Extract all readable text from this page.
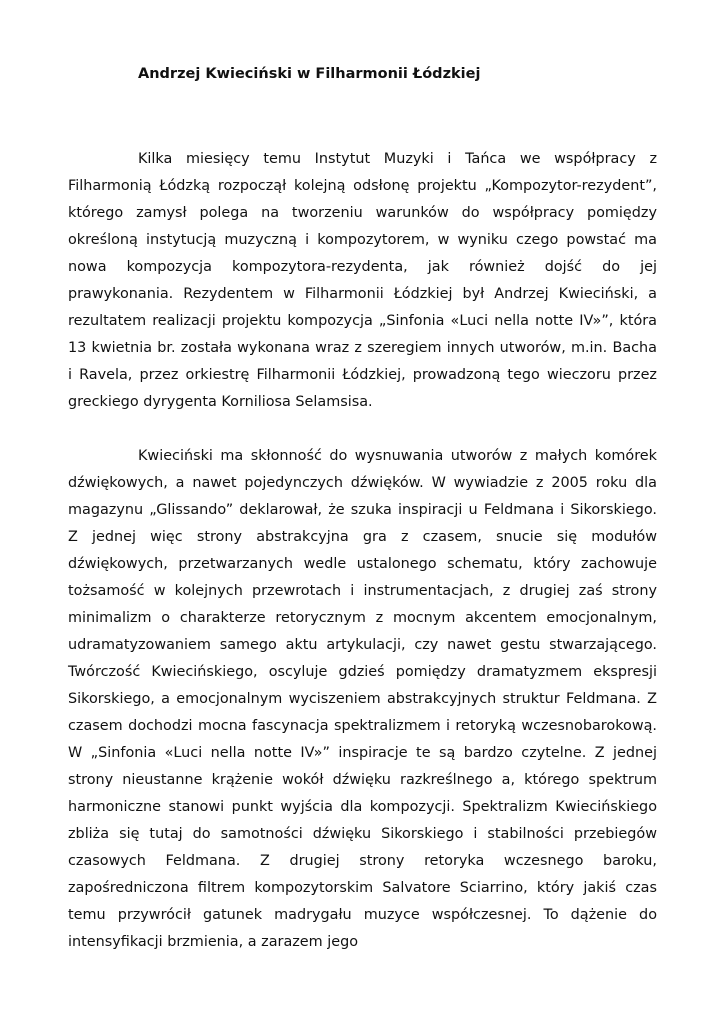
Andrzej Kwieciński w Filharmonii Łódzkiej

Kilka miesięcy temu Instytut Muzyki i Tańca we współpracy z Filharmonią Łódzką rozpoczął kolejną odsłonę projektu „Kompozytor-rezydent”, którego zamysł polega na tworzeniu warunków do współpracy pomiędzy określoną instytucją muzyczną i kompozytorem, w wyniku czego powstać ma nowa kompozycja kompozytora-rezydenta, jak również dojść do jej prawykonania. Rezydentem w Filharmonii Łódzkiej był Andrzej Kwieciński, a rezultatem realizacji projektu kompozycja „Sinfonia «Luci nella notte IV»”, która 13 kwietnia br. została wykonana wraz z szeregiem innych utworów, m.in. Bacha i Ravela, przez orkiestrę Filharmonii Łódzkiej, prowadzoną tego wieczoru przez greckiego dyrygenta Korniliosa Selamsisa.

Kwieciński ma skłonność do wysnuwania utworów z małych komórek dźwiękowych, a nawet pojedynczych dźwięków. W wywiadzie z 2005 roku dla magazynu „Glissando” deklarował, że szuka inspiracji u Feldmana i Sikorskiego. Z jednej więc strony abstrakcyjna gra z czasem, snucie się modułów dźwiękowych, przetwarzanych wedle ustalonego schematu, który zachowuje tożsamość w kolejnych przewrotach i instrumentacjach, z drugiej zaś strony minimalizm o charakterze retorycznym z mocnym akcentem emocjonalnym, udramatyzowaniem samego aktu artykulacji, czy nawet gestu stwarzającego. Twórczość Kwiecińskiego, oscyluje gdzieś pomiędzy dramatyzmem ekspresji Sikorskiego, a emocjonalnym wyciszeniem abstrakcyjnych struktur Feldmana. Z czasem dochodzi mocna fascynacja spektralizmem i retoryką wczesnobarokową. W „Sinfonia «Luci nella notte IV»” inspiracje te są bardzo czytelne. Z jednej strony nieustanne krążenie wokół dźwięku razkreślnego a, którego spektrum harmoniczne stanowi punkt wyjścia dla kompozycji. Spektralizm Kwiecińskiego zbliża się tutaj do samotności dźwięku Sikorskiego i stabilności przebiegów czasowych Feldmana. Z drugiej strony retoryka wczesnego baroku, zapośredniczona filtrem kompozytorskim Salvatore Sciarrino, który jakiś czas temu przywrócił gatunek madrygału muzyce współczesnej. To dążenie do intensyfikacji brzmienia, a zarazem jego
